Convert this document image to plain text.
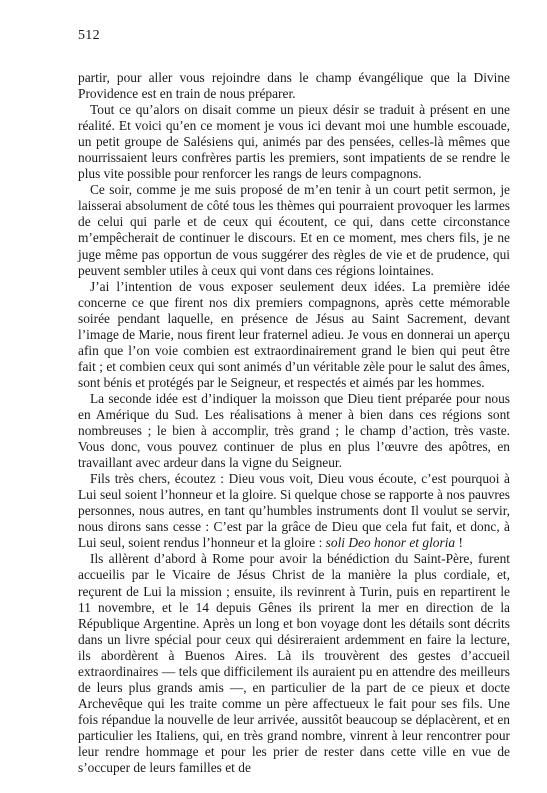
512

partir, pour aller vous rejoindre dans le champ évangélique que la Divine Providence est en train de nous préparer.

Tout ce qu’alors on disait comme un pieux désir se traduit à présent en une réalité. Et voici qu’en ce moment je vous ici devant moi une humble escouade, un petit groupe de Salésiens qui, animés par des pensées, celles-là mêmes que nourrissaient leurs confrères partis les premiers, sont impatients de se rendre le plus vite possible pour renforcer les rangs de leurs compagnons.

Ce soir, comme je me suis proposé de m’en tenir à un court petit sermon, je laisserai absolument de côté tous les thèmes qui pourraient provoquer les larmes de celui qui parle et de ceux qui écoutent, ce qui, dans cette circonstance m’empêcherait de continuer le discours. Et en ce moment, mes chers fils, je ne juge même pas opportun de vous suggérer des règles de vie et de prudence, qui peuvent sembler utiles à ceux qui vont dans ces régions lointaines.

J’ai l’intention de vous exposer seulement deux idées. La première idée concerne ce que firent nos dix premiers compagnons, après cette mémorable soirée pendant laquelle, en présence de Jésus au Saint Sacrement, devant l’image de Marie, nous firent leur fraternel adieu. Je vous en donnerai un aperçu afin que l’on voie combien est extraordinairement grand le bien qui peut être fait ; et combien ceux qui sont animés d’un véritable zèle pour le salut des âmes, sont bénis et protégés par le Seigneur, et respectés et aimés par les hommes.

La seconde idée est d’indiquer la moisson que Dieu tient préparée pour nous en Amérique du Sud. Les réalisations à mener à bien dans ces régions sont nombreuses ; le bien à accomplir, très grand ; le champ d’action, très vaste. Vous donc, vous pouvez continuer de plus en plus l’œuvre des apôtres, en travaillant avec ardeur dans la vigne du Seigneur.

Fils très chers, écoutez : Dieu vous voit, Dieu vous écoute, c’est pourquoi à Lui seul soient l’honneur et la gloire. Si quelque chose se rapporte à nos pauvres personnes, nous autres, en tant qu’humbles instruments dont Il voulut se servir, nous dirons sans cesse : C’est par la grâce de Dieu que cela fut fait, et donc, à Lui seul, soient rendus l’honneur et la gloire : soli Deo honor et gloria !

Ils allèrent d’abord à Rome pour avoir la bénédiction du Saint-Père, furent accueilis par le Vicaire de Jésus Christ de la manière la plus cordiale, et, reçurent de Lui la mission ; ensuite, ils revinrent à Turin, puis en repartirent le 11 novembre, et le 14 depuis Gênes ils prirent la mer en direction de la République Argentine. Après un long et bon voyage dont les détails sont décrits dans un livre spécial pour ceux qui désireraient ardemment en faire la lecture, ils abordèrent à Buenos Aires. Là ils trouvèrent des gestes d’accueil extraordinaires — tels que difficilement ils auraient pu en attendre des meilleurs de leurs plus grands amis —, en particulier de la part de ce pieux et docte Archevêque qui les traite comme un père affectueux le fait pour ses fils. Une fois répandue la nouvelle de leur arrivée, aussitôt beaucoup se déplacèrent, et en particulier les Italiens, qui, en très grand nombre, vinrent à leur rencontrer pour leur rendre hommage et pour les prier de rester dans cette ville en vue de s’occuper de leurs familles et de
